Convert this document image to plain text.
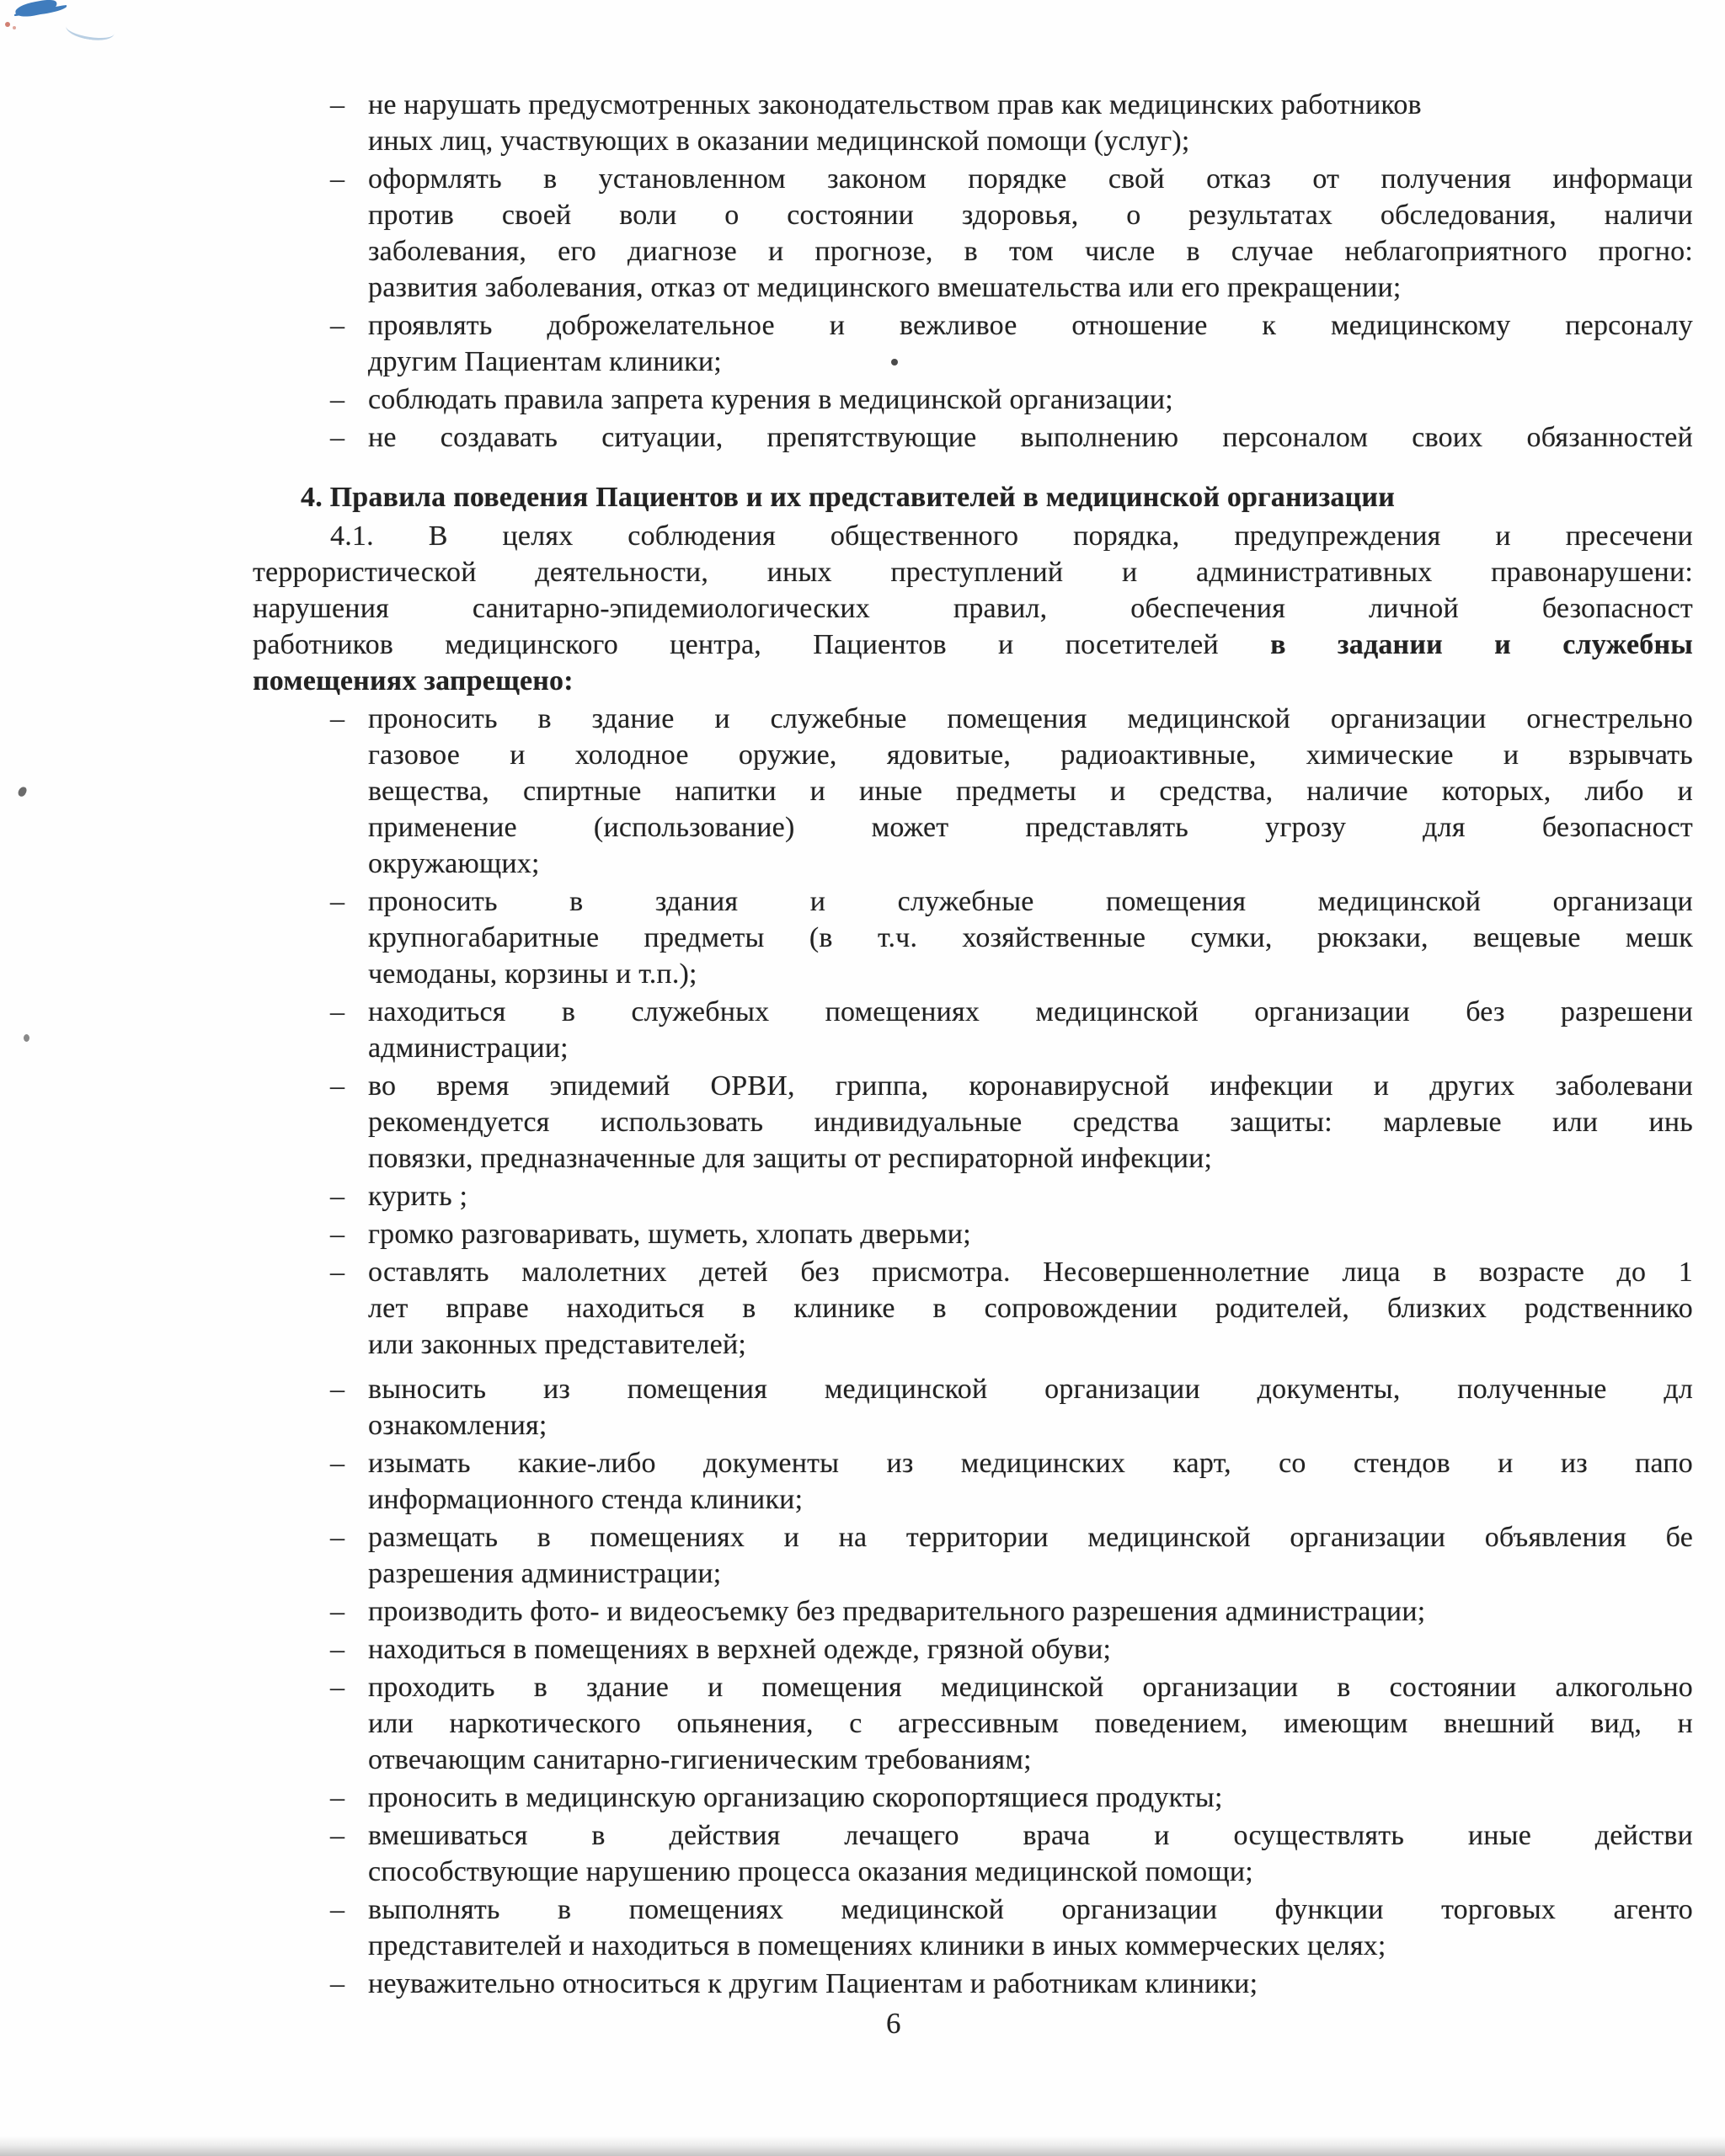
– не нарушать предусмотренных законодательством прав как медицинских работников
иных лиц, участвующих в оказании медицинской помощи (услуг);
– оформлять в установленном законом порядке свой отказ от получения информаци
против своей воли о состоянии здоровья, о результатах обследования, наличи
заболевания, его диагнозе и прогнозе, в том числе в случае неблагоприятного прогно:
развития заболевания, отказ от медицинского вмешательства или его прекращении;
– проявлять доброжелательное и вежливое отношение к медицинскому персоналу
другим Пациентам клиники;
– соблюдать правила запрета курения в медицинской организации;
– не создавать ситуации, препятствующие выполнению персоналом своих обязанностей
4. Правила поведения Пациентов и их представителей в медицинской организации
4.1. В целях соблюдения общественного порядка, предупреждения и пресечени
террористической деятельности, иных преступлений и административных правонарушени:
нарушения санитарно-эпидемиологических правил, обеспечения личной безопасност
работников медицинского центра, Пациентов и посетителей в задании и служебны
помещениях запрещено:
– проносить в здание и служебные помещения медицинской организации огнестрельно
газовое и холодное оружие, ядовитые, радиоактивные, химические и взрывчать
вещества, спиртные напитки и иные предметы и средства, наличие которых, либо и
применение (использование) может представлять угрозу для безопасност
окружающих;
– проносить в здания и служебные помещения медицинской организаци
крупногабаритные предметы (в т.ч. хозяйственные сумки, рюкзаки, вещевые мешк
чемоданы, корзины и т.п.);
– находиться в служебных помещениях медицинской организации без разрешени
администрации;
– во время эпидемий ОРВИ, гриппа, коронавирусной инфекции и других заболевани
рекомендуется использовать индивидуальные средства защиты: марлевые или инь
повязки, предназначенные для защиты от респираторной инфекции;
– курить ;
– громко разговаривать, шуметь, хлопать дверьми;
– оставлять малолетних детей без присмотра. Несовершеннолетние лица в возрасте до 1
лет вправе находиться в клинике в сопровождении родителей, близких родственнико
или законных представителей;
– выносить из помещения медицинской организации документы, полученные дл
ознакомления;
– изымать какие-либо документы из медицинских карт, со стендов и из папо
информационного стенда клиники;
– размещать в помещениях и на территории медицинской организации объявления бе
разрешения администрации;
– производить фото- и видеосъемку без предварительного разрешения администрации;
– находиться в помещениях в верхней одежде, грязной обуви;
– проходить в здание и помещения медицинской организации в состоянии алкогольно
или наркотического опьянения, с агрессивным поведением, имеющим внешний вид, н
отвечающим санитарно-гигиеническим требованиям;
– проносить в медицинскую организацию скоропортящиеся продукты;
– вмешиваться в действия лечащего врача и осуществлять иные действи
способствующие нарушению процесса оказания медицинской помощи;
– выполнять в помещениях медицинской организации функции торговых агенто
представителей и находиться в помещениях клиники в иных коммерческих целях;
– неуважительно относиться к другим Пациентам и работникам клиники;
6
